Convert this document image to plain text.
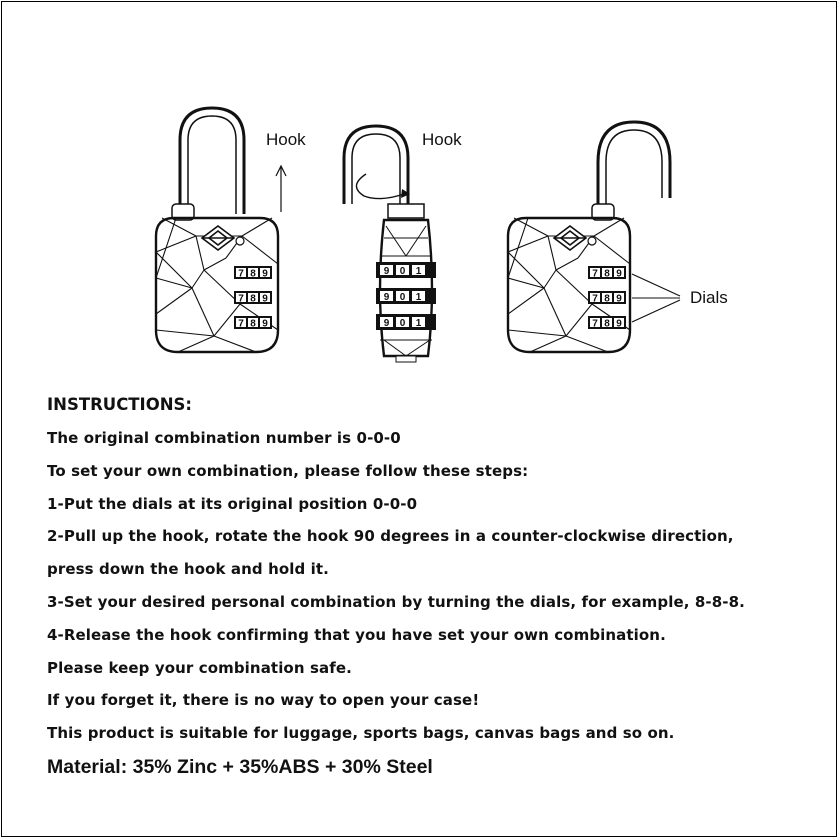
7 8 9	7 8 9
7 8 9	7 8 9
7 8 9	7 8 9
9 0 1
9 0 1
9 0 1
Hook	Hook
Dials
INSTRUCTIONS:
The original combination number is 0-0-0
To set your own combination, please follow these steps:
1-Put the dials at its original position 0-0-0
2-Pull up the hook, rotate the hook 90 degrees in a counter-clockwise direction,
press down the hook and hold it.
3-Set your desired personal combination by turning the dials, for example, 8-8-8.
4-Release the hook confirming that you have set your own combination.
Please keep your combination safe.
If you forget it, there is no way to open your case!
This product is suitable for luggage, sports bags, canvas bags and so on.
Material: 35% Zinc + 35%ABS + 30% Steel
